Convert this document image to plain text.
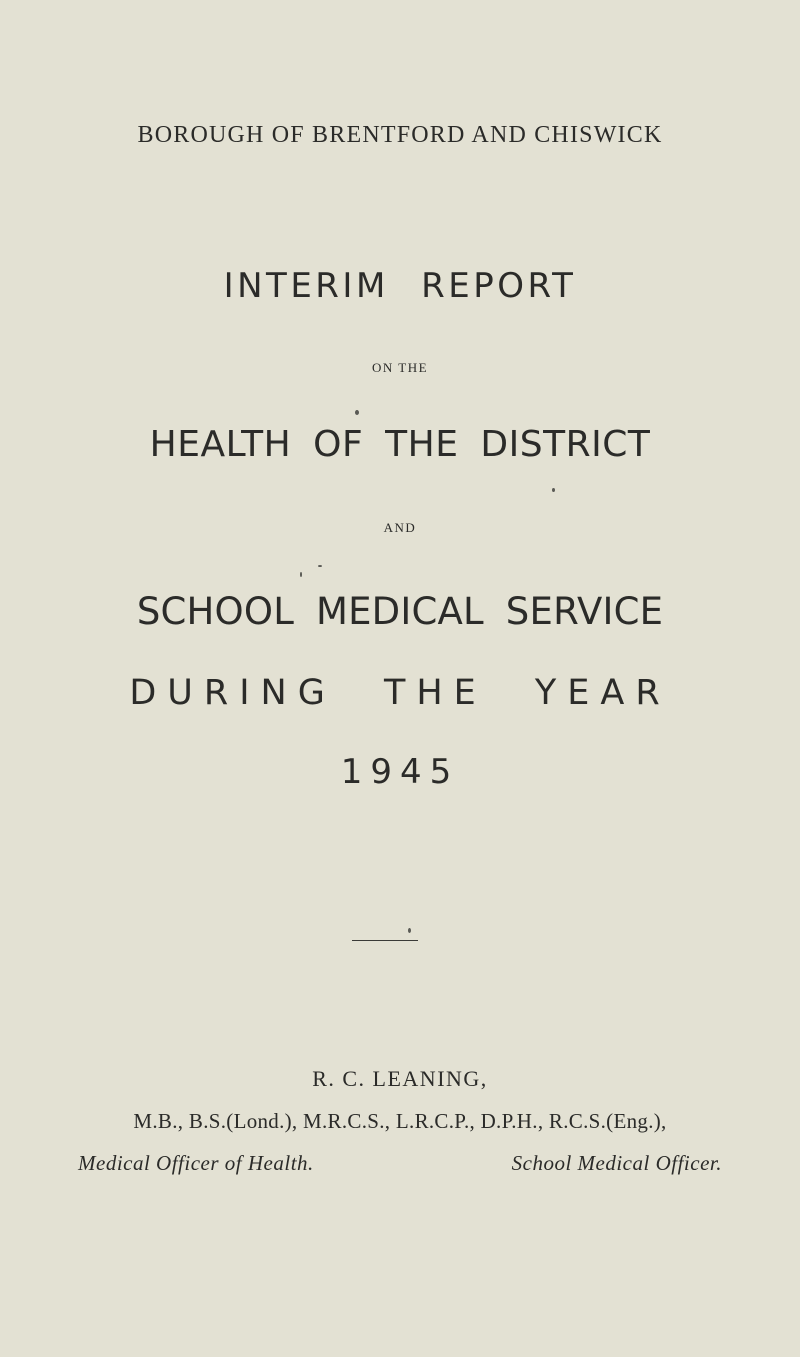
BOROUGH OF BRENTFORD AND CHISWICK
INTERIM REPORT
ON THE
HEALTH OF THE DISTRICT
AND
SCHOOL MEDICAL SERVICE
DURING THE YEAR
1945
R. C. LEANING,
M.B., B.S.(Lond.), M.R.C.S., L.R.C.P., D.P.H., R.C.S.(Eng.),
Medical Officer of Health.	School Medical Officer.
